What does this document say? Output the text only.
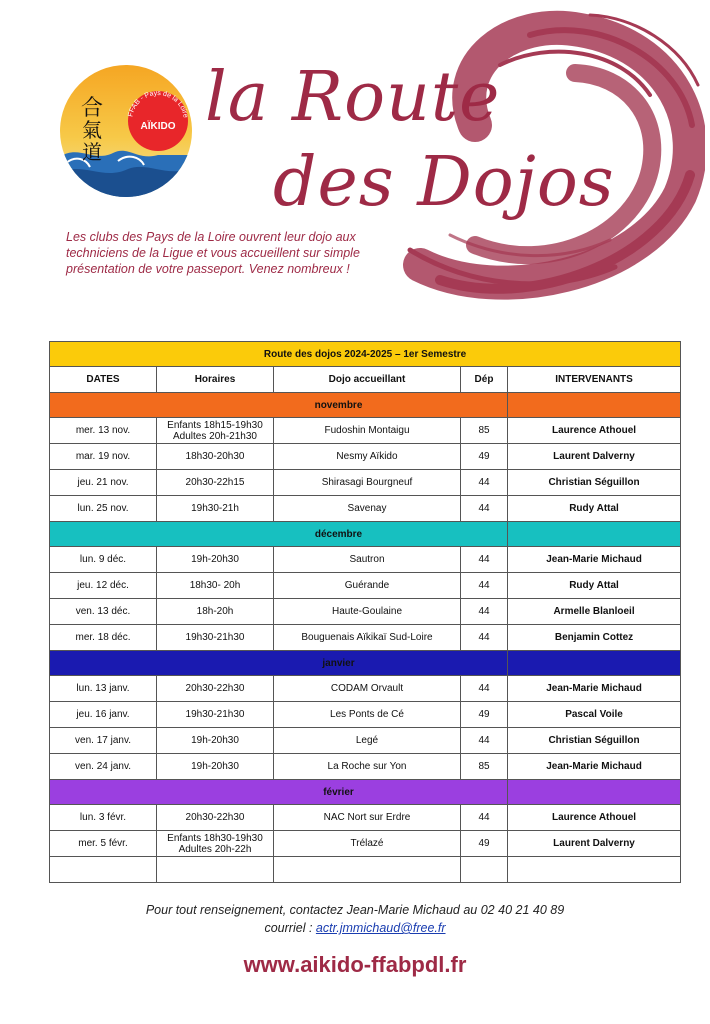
合
氣
道
AÏKIDO
FFAB - Pays de la Loire la Route
des Dojos
Les clubs des Pays de la Loire ouvrent leur dojo aux techniciens de la Ligue et vous accueillent sur simple présentation de votre passeport. Venez nombreux !
Route des dojos 2024-2025 – 1er Semestre				
DATES	Horaires	Dojo accueillant	Dép	INTERVENANTS
novembre				
mer. 13 nov.	Enfants 18h15-19h30
Adultes 20h-21h30	Fudoshin Montaigu	85	Laurence Athouel
mar. 19 nov.	18h30-20h30	Nesmy Aïkido	49	Laurent Dalverny
jeu. 21 nov.	20h30-22h15	Shirasagi Bourgneuf	44	Christian Séguillon
lun. 25 nov.	19h30-21h	Savenay	44	Rudy Attal
décembre				
lun. 9 déc.	19h-20h30	Sautron	44	Jean-Marie Michaud
jeu. 12 déc.	18h30- 20h	Guérande	44	Rudy Attal
ven. 13 déc.	18h-20h	Haute-Goulaine	44	Armelle Blanloeil
mer. 18 déc.	19h30-21h30	Bouguenais Aïkikaï Sud-Loire	44	Benjamin Cottez
janvier				
lun. 13 janv.	20h30-22h30	CODAM Orvault	44	Jean-Marie Michaud
jeu. 16 janv.	19h30-21h30	Les Ponts de Cé	49	Pascal Voile
ven. 17 janv.	19h-20h30	Legé	44	Christian Séguillon
ven. 24 janv.	19h-20h30	La Roche sur Yon	85	Jean-Marie Michaud
février				
lun. 3 févr.	20h30-22h30	NAC Nort sur Erdre	44	Laurence Athouel
mer. 5 févr.	Enfants 18h30-19h30
Adultes 20h-22h	Trélazé	49	Laurent Dalverny

Pour tout renseignement, contactez Jean-Marie Michaud au 02 40 21 40 89
courriel : actr.jmmichaud@free.fr
www.aikido-ffabpdl.fr
